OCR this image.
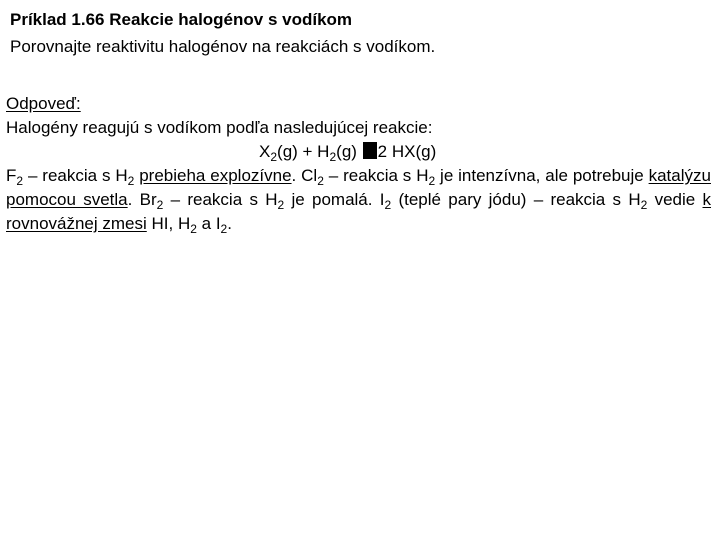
Príklad 1.66 Reakcie halogénov s vodíkom
Porovnajte reaktivitu halogénov na reakciách s vodíkom.
Odpoveď:
Halogény reagujú s vodíkom podľa nasledujúcej reakcie:
$X_2(g) + H_2(g)$ 2 HX(g)
$F_2$ – reakcia s $H_2$ prebieha explozívne. $Cl_2$ – reakcia s $H_2$ je intenzívna, ale potrebuje katalýzu pomocou svetla. $Br_2$ – reakcia s $H_2$ je pomalá. $I_2$ (teplé pary jódu) – reakcia s $H_2$ vedie k rovnovážnej zmesi HI, $H_2$ a $I_2$.
